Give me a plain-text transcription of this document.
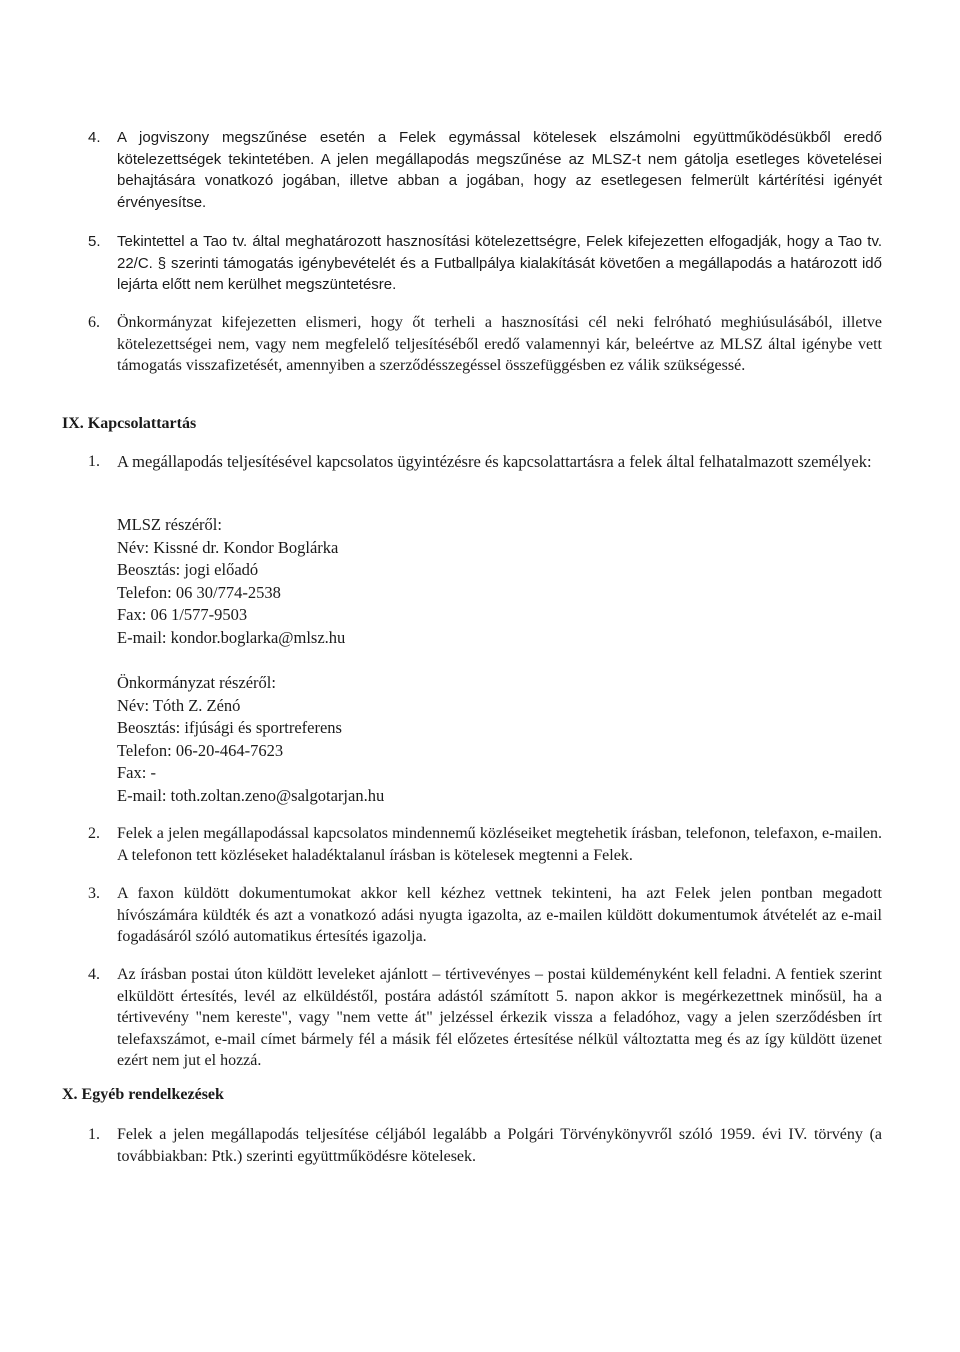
4.	A jogviszony megszűnése esetén a Felek egymással kötelesek elszámolni együttműködésükből eredő kötelezettségek tekintetében. A jelen megállapodás megszűnése az MLSZ-t nem gátolja esetleges követelései behajtására vonatkozó jogában, illetve abban a jogában, hogy az esetlegesen felmerült kártérítési igényét érvényesítse.
5.	Tekintettel a Tao tv. által meghatározott hasznosítási kötelezettségre, Felek kifejezetten elfogadják, hogy a Tao tv. 22/C. § szerinti támogatás igénybevételét és a Futballpálya kialakítását követően a megállapodás a határozott idő lejárta előtt nem kerülhet megszüntetésre.
6.	Önkormányzat kifejezetten elismeri, hogy őt terheli a hasznosítási cél neki felróható meghiúsulásából, illetve kötelezettségei nem, vagy nem megfelelő teljesítéséből eredő valamennyi kár, beleértve az MLSZ által igénybe vett támogatás visszafizetését, amennyiben a szerződésszegéssel összefüggésben ez válik szükségessé.
IX. Kapcsolattartás
1.	A megállapodás teljesítésével kapcsolatos ügyintézésre és kapcsolattartásra a felek által felhatalmazott személyek:
MLSZ részéről:
Név: Kissné dr. Kondor Boglárka
Beosztás: jogi előadó
Telefon: 06 30/774-2538
Fax: 06 1/577-9503
E-mail: kondor.boglarka@mlsz.hu
Önkormányzat részéről:
Név: Tóth Z. Zénó
Beosztás: ifjúsági és sportreferens
Telefon: 06-20-464-7623
Fax: -
E-mail: toth.zoltan.zeno@salgotarjan.hu
2.	Felek a jelen megállapodással kapcsolatos mindennemű közléseiket megtehetik írásban, telefonon, telefaxon, e-mailen. A telefonon tett közléseket haladéktalanul írásban is kötelesek megtenni a Felek.
3.	A faxon küldött dokumentumokat akkor kell kézhez vettnek tekinteni, ha azt Felek jelen pontban megadott hívószámára küldték és azt a vonatkozó adási nyugta igazolta, az e-mailen küldött dokumentumok átvételét az e-mail fogadásáról szóló automatikus értesítés igazolja.
4.	Az írásban postai úton küldött leveleket ajánlott – tértivevényes – postai küldeményként kell feladni. A fentiek szerint elküldött értesítés, levél az elküldéstől, postára adástól számított 5. napon akkor is megérkezettnek minősül, ha a tértivevény "nem kereste", vagy "nem vette át" jelzéssel érkezik vissza a feladóhoz, vagy a jelen szerződésben írt telefaxszámot, e-mail címet bármely fél a másik fél előzetes értesítése nélkül változtatta meg és az így küldött üzenet ezért nem jut el hozzá.
X. Egyéb rendelkezések
1.	Felek a jelen megállapodás teljesítése céljából legalább a Polgári Törvénykönyvről szóló 1959. évi IV. törvény (a továbbiakban: Ptk.) szerinti együttműködésre kötelesek.
